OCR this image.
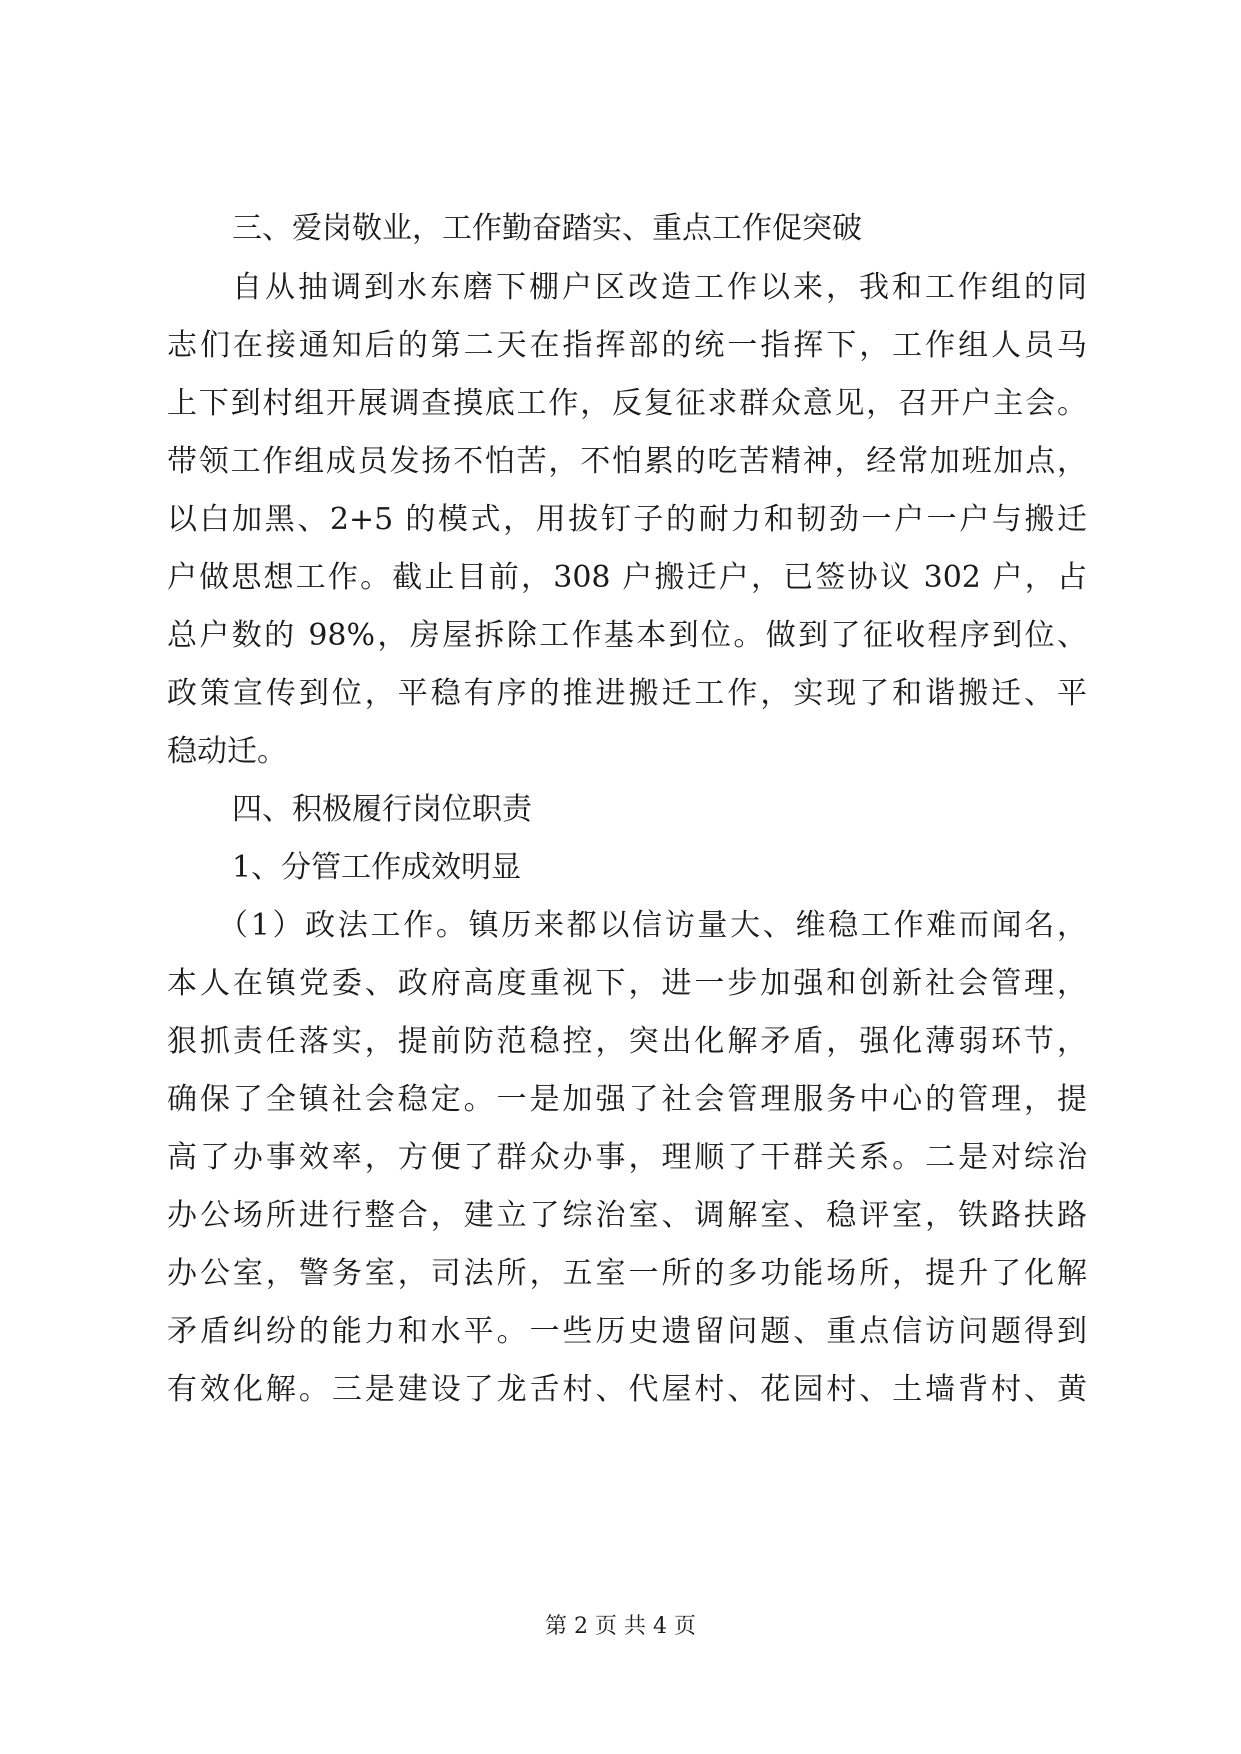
三、爱岗敬业，工作勤奋踏实、重点工作促突破
自从抽调到水东磨下棚户区改造工作以来，我和工作组的同
志们在接通知后的第二天在指挥部的统一指挥下，工作组人员马
上下到村组开展调查摸底工作，反复征求群众意见，召开户主会。
带领工作组成员发扬不怕苦，不怕累的吃苦精神，经常加班加点，
以白加黑、2+5 的模式，用拔钉子的耐力和韧劲一户一户与搬迁
户做思想工作。截止目前，308 户搬迁户，已签协议 302 户，占
总户数的 98%，房屋拆除工作基本到位。做到了征收程序到位、
政策宣传到位，平稳有序的推进搬迁工作，实现了和谐搬迁、平
稳动迁。
四、积极履行岗位职责
1、分管工作成效明显
（1）政法工作。镇历来都以信访量大、维稳工作难而闻名，
本人在镇党委、政府高度重视下，进一步加强和创新社会管理，
狠抓责任落实，提前防范稳控，突出化解矛盾，强化薄弱环节，
确保了全镇社会稳定。一是加强了社会管理服务中心的管理，提
高了办事效率，方便了群众办事，理顺了干群关系。二是对综治
办公场所进行整合，建立了综治室、调解室、稳评室，铁路扶路
办公室，警务室，司法所，五室一所的多功能场所，提升了化解
矛盾纠纷的能力和水平。一些历史遗留问题、重点信访问题得到
有效化解。三是建设了龙舌村、代屋村、花园村、土墙背村、黄
第 2 页 共 4 页
